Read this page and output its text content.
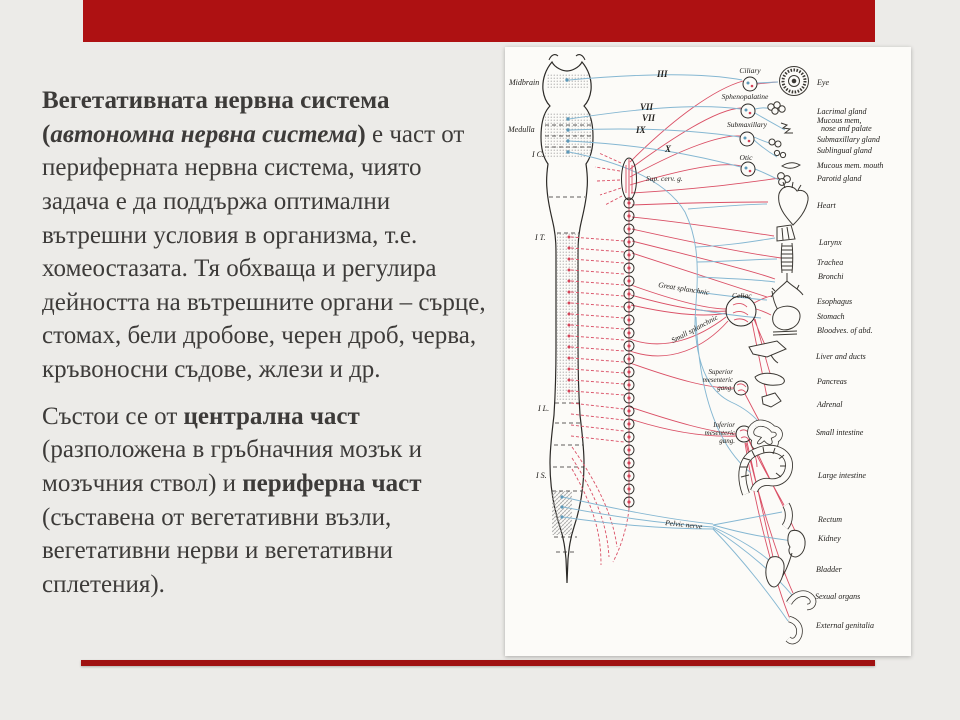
Вегетативната нервна система (автономна нервна система) е част от периферната нервна система, чиято задача е да поддържа оптимални вътрешни условия в организма, т.е. хомеостазата. Тя обхваща и регулира дейността на вътрешните органи – сърце, стомах, бели дробове, черен дроб, черва, кръвоносни съдове, жлези и др.

Състои се от централна част (разположена в гръбначния мозък и мозъчния ствол) и периферна част (съставена от вегетативни възли, вегетативни нерви и вегетативни сплетения).

Midbrain
Medulla
I C.
I T.
I L.
I S.
III
VII
VII
IX
X
Sup. cerv. g.
Ciliary
Sphenopalatine
Submaxillary
Otic
Great splanchnic
Small splanchnic
Celiac
Superior
mesenteric
gang.
Inferior
mesenteric
gang.
Pelvic nerve
Eye
Lacrimal gland
Mucous mem,
nose and palate
Submaxillary gland
Sublingual gland
Mucous mem. mouth
Parotid gland
Heart
Larynx
Trachea
Bronchi
Esophagus
Stomach
Bloodves. of abd.
Liver and ducts
Pancreas
Adrenal
Small intestine
Large intestine
Rectum
Kidney
Bladder
Sexual organs
External genitalia
